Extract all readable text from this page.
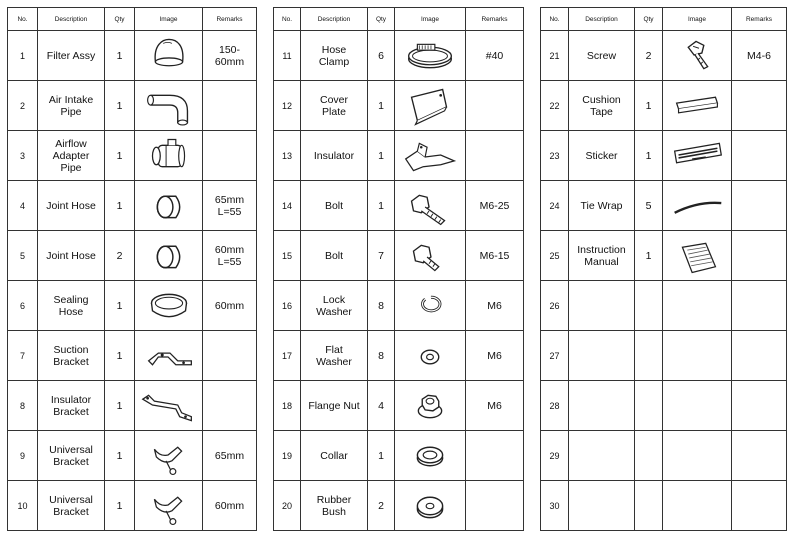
No.	Description	Qty	Image	Remarks
1	Filter Assy	1		150-
60mm
2	Air Intake
Pipe	1	

3	Airflow
Adapter
Pipe	1	

4	Joint Hose	1		65mm
L=55
5	Joint Hose	2		60mm
L=55
6	Sealing
Hose	1		60mm
7	Suction
Bracket	1	

8	Insulator
Bracket	1	

9	Universal
Bracket	1		65mm
10	Universal
Bracket	1		60mm
No.	Description	Qty	Image	Remarks
11	Hose
Clamp	6		#40
12	Cover
Plate	1	

13	Insulator	1	

14	Bolt	1		M6-25
15	Bolt	7		M6-15
16	Lock
Washer	8		M6
17	Flat
Washer	8		M6
18	Flange Nut	4		M6
19	Collar	1	

20	Rubber
Bush	2	

No.	Description	Qty	Image	Remarks
21	Screw	2		M4-6
22	Cushion
Tape	1	

23	Sticker	1	

24	Tie Wrap	5	

25	Instruction
Manual	1	

26				
27				
28				
29				
30				
